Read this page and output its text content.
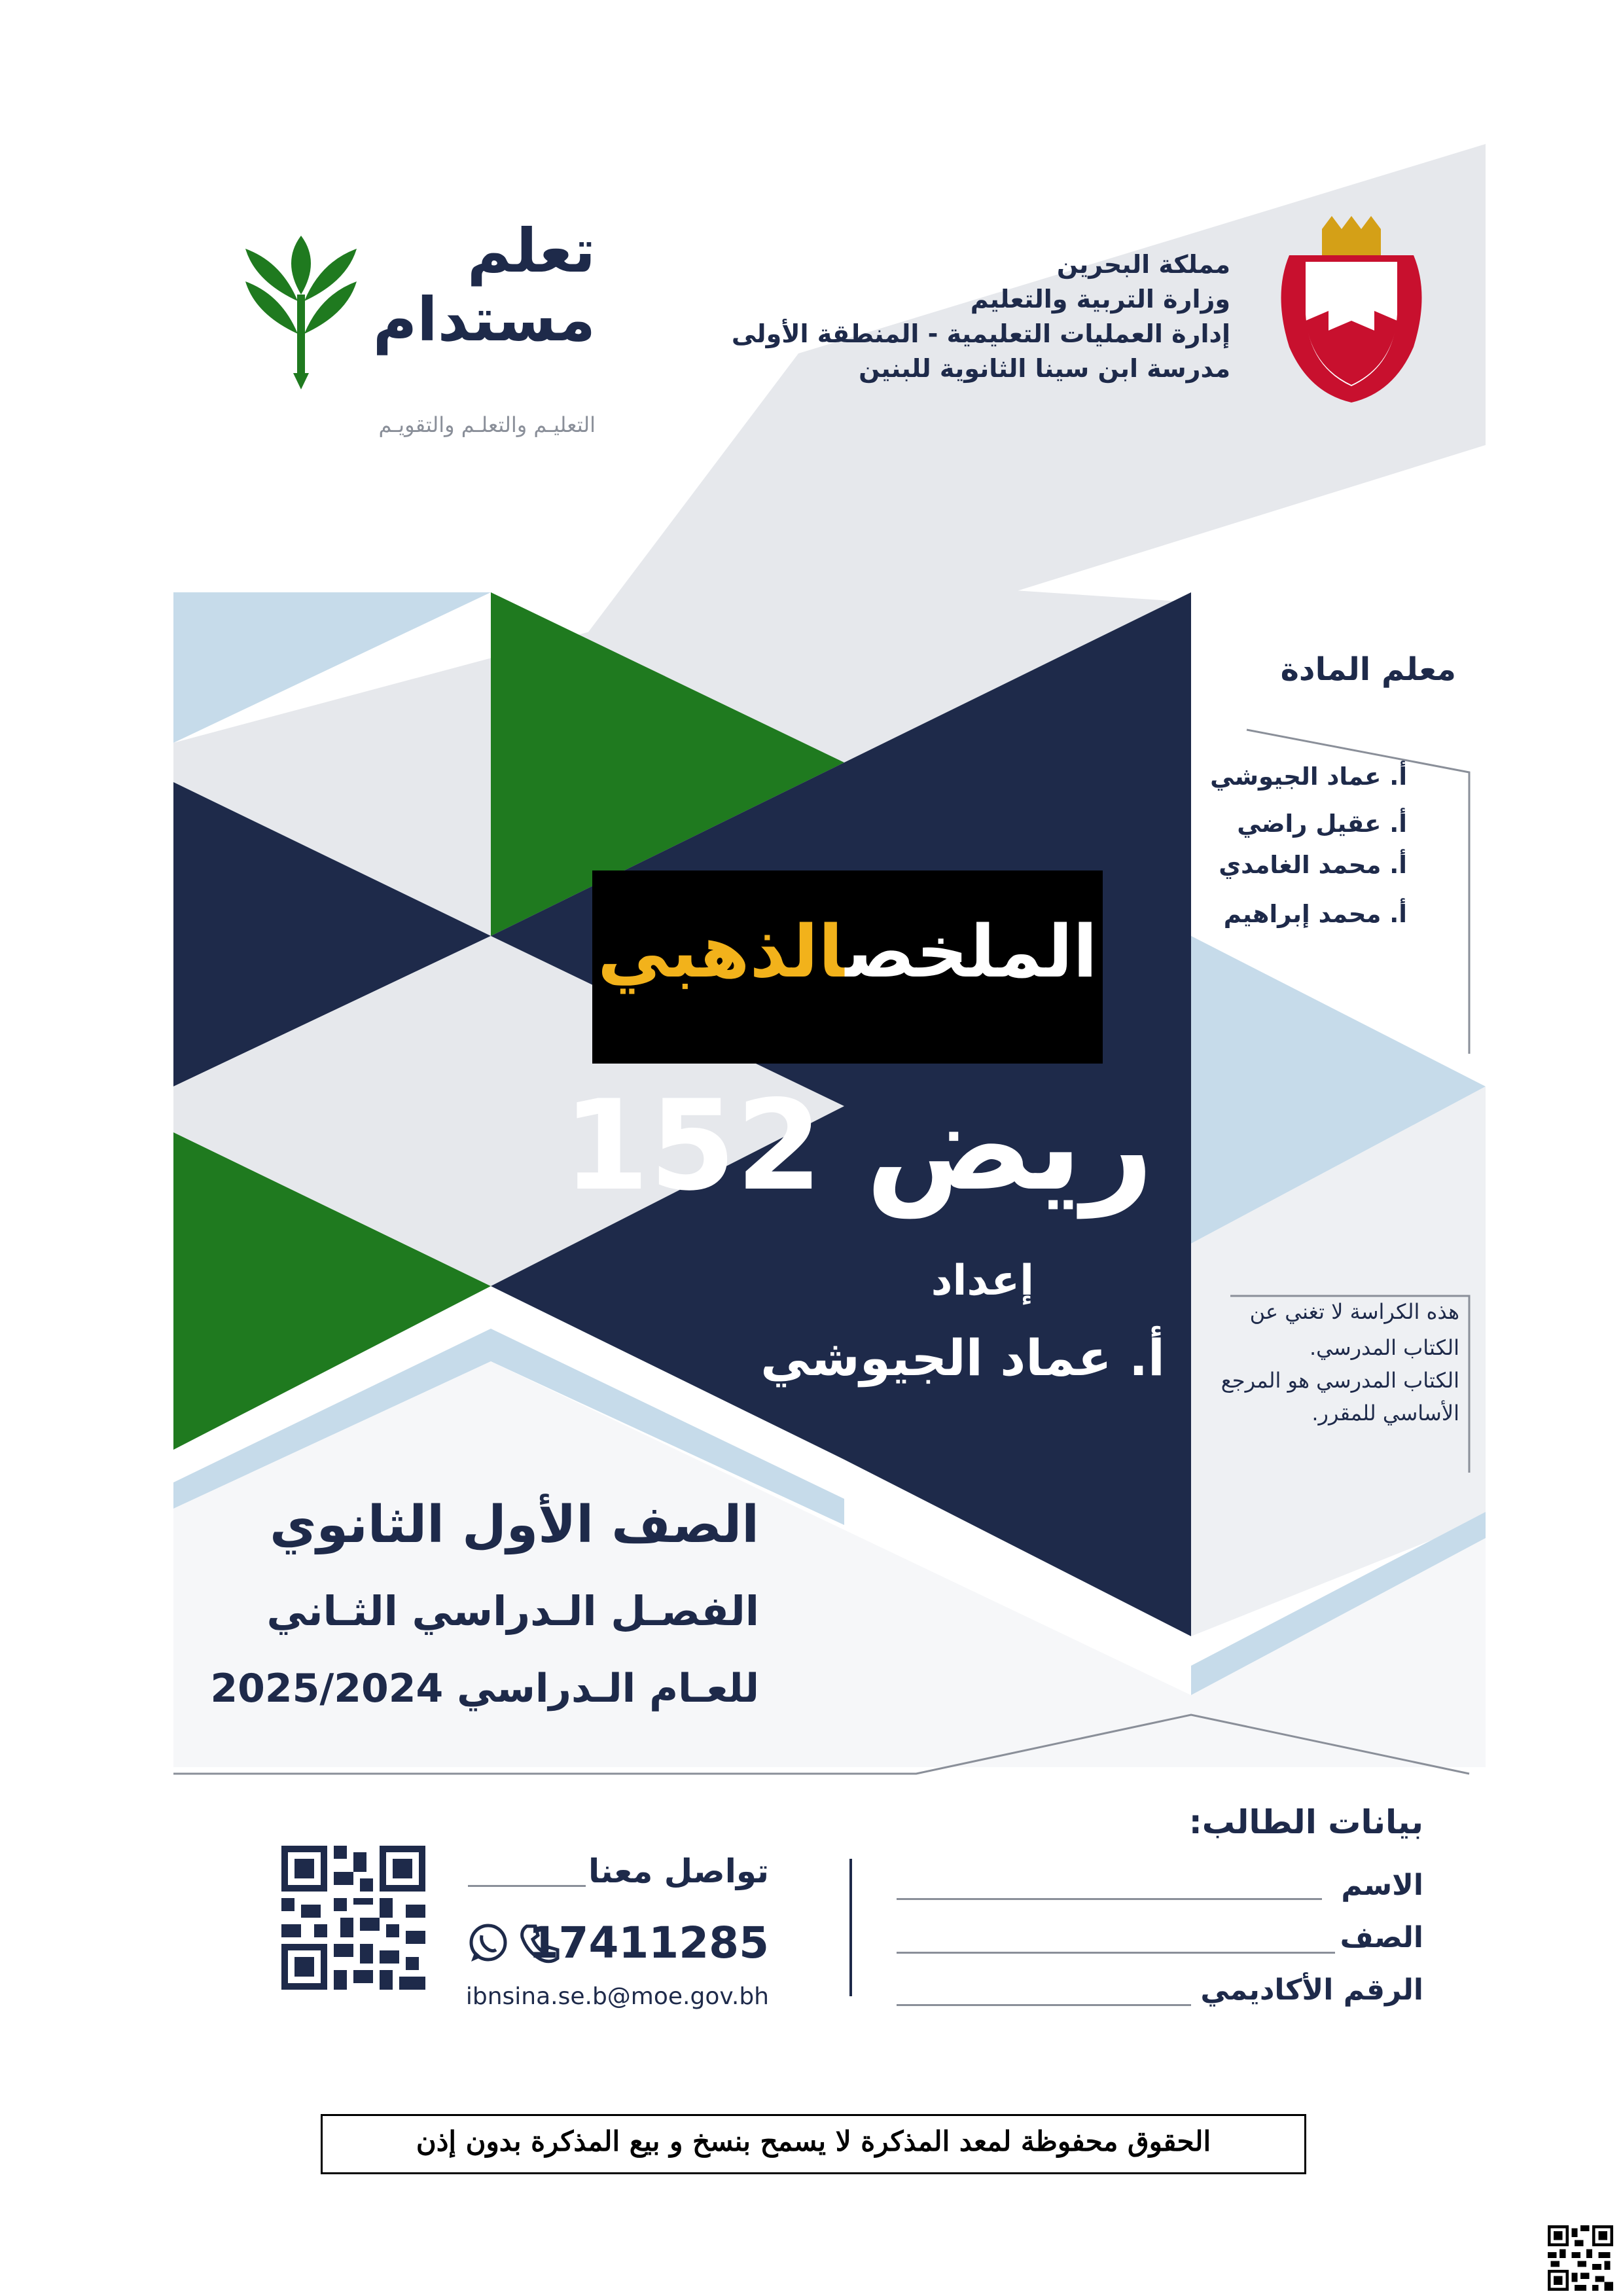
مملكة البحرين
وزارة التربية والتعليم
إدارة العمليات التعليمية - المنطقة الأولى
مدرسة ابن سينا الثانوية للبنين
تعلم
مستدام
التعليـم والتعلـم والتقويـم
معلم المادة
أ. عماد الجيوشي
أ. عقيل راضي
أ. محمد الغامدي
أ. محمد إبراهيم
الملخصالذهبي
ريض 152
إعداد
أ. عماد الجيوشي
هذه الكراسة لا تغني عن
الكتاب المدرسي.
الكتاب المدرسي هو المرجع
الأساسي للمقرر.
الصف الأول الثانوي
الفصـل الـدراسي الثـاني
للعـام الـدراسي 2025/2024
بيانات الطالب:
الاسم
الصف
الرقم الأكاديمي
تواصل معنا
17411285
ibnsina.se.b@moe.gov.bh
الحقوق محفوظة لمعد المذكرة لا يسمح بنسخ و بيع المذكرة بدون إذن
